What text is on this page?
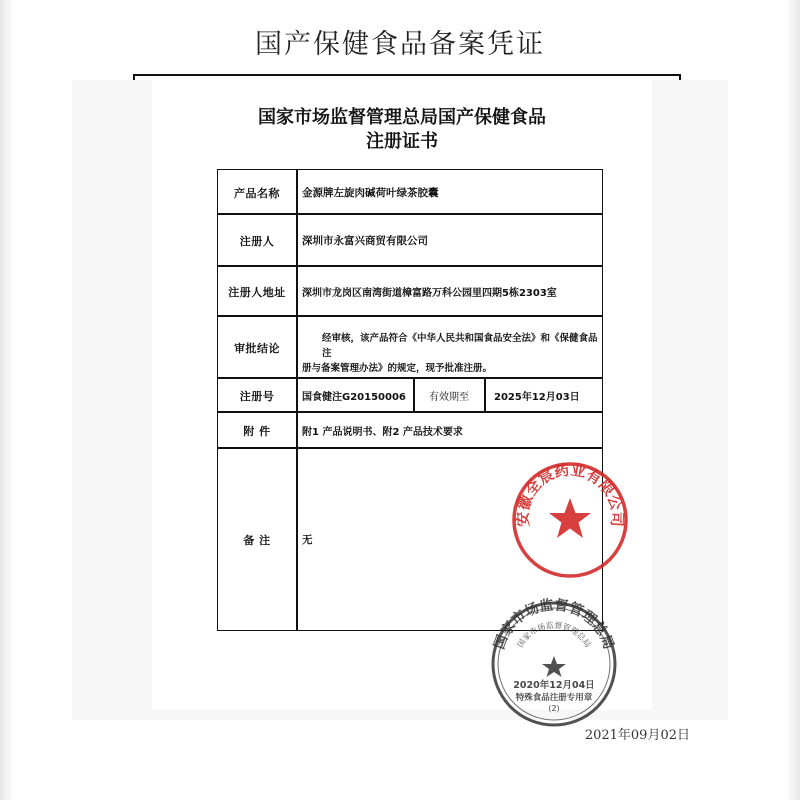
国产保健食品备案凭证
国家市场监督管理总局国产保健食品
注册证书
产品名称
注册人
注册人地址
审批结论
注册号
附 件
备 注
金源牌左旋肉碱荷叶绿茶胶囊
深圳市永富兴商贸有限公司
深圳市龙岗区南湾街道樟富路万科公园里四期5栋2303室
经审核，该产品符合《中华人民共和国食品安全法》和《保健食品注
册与备案管理办法》的规定，现予批准注册。
国食健注G20150006	有效期至	2025年12月03日
附1 产品说明书、附2 产品技术要求
无
安徽全宸药业有限公司
国家市场监督管理总局
国家市场监督管理总局
2020年12月04日
特殊食品注册专用章
(2)
2021年09月02日
